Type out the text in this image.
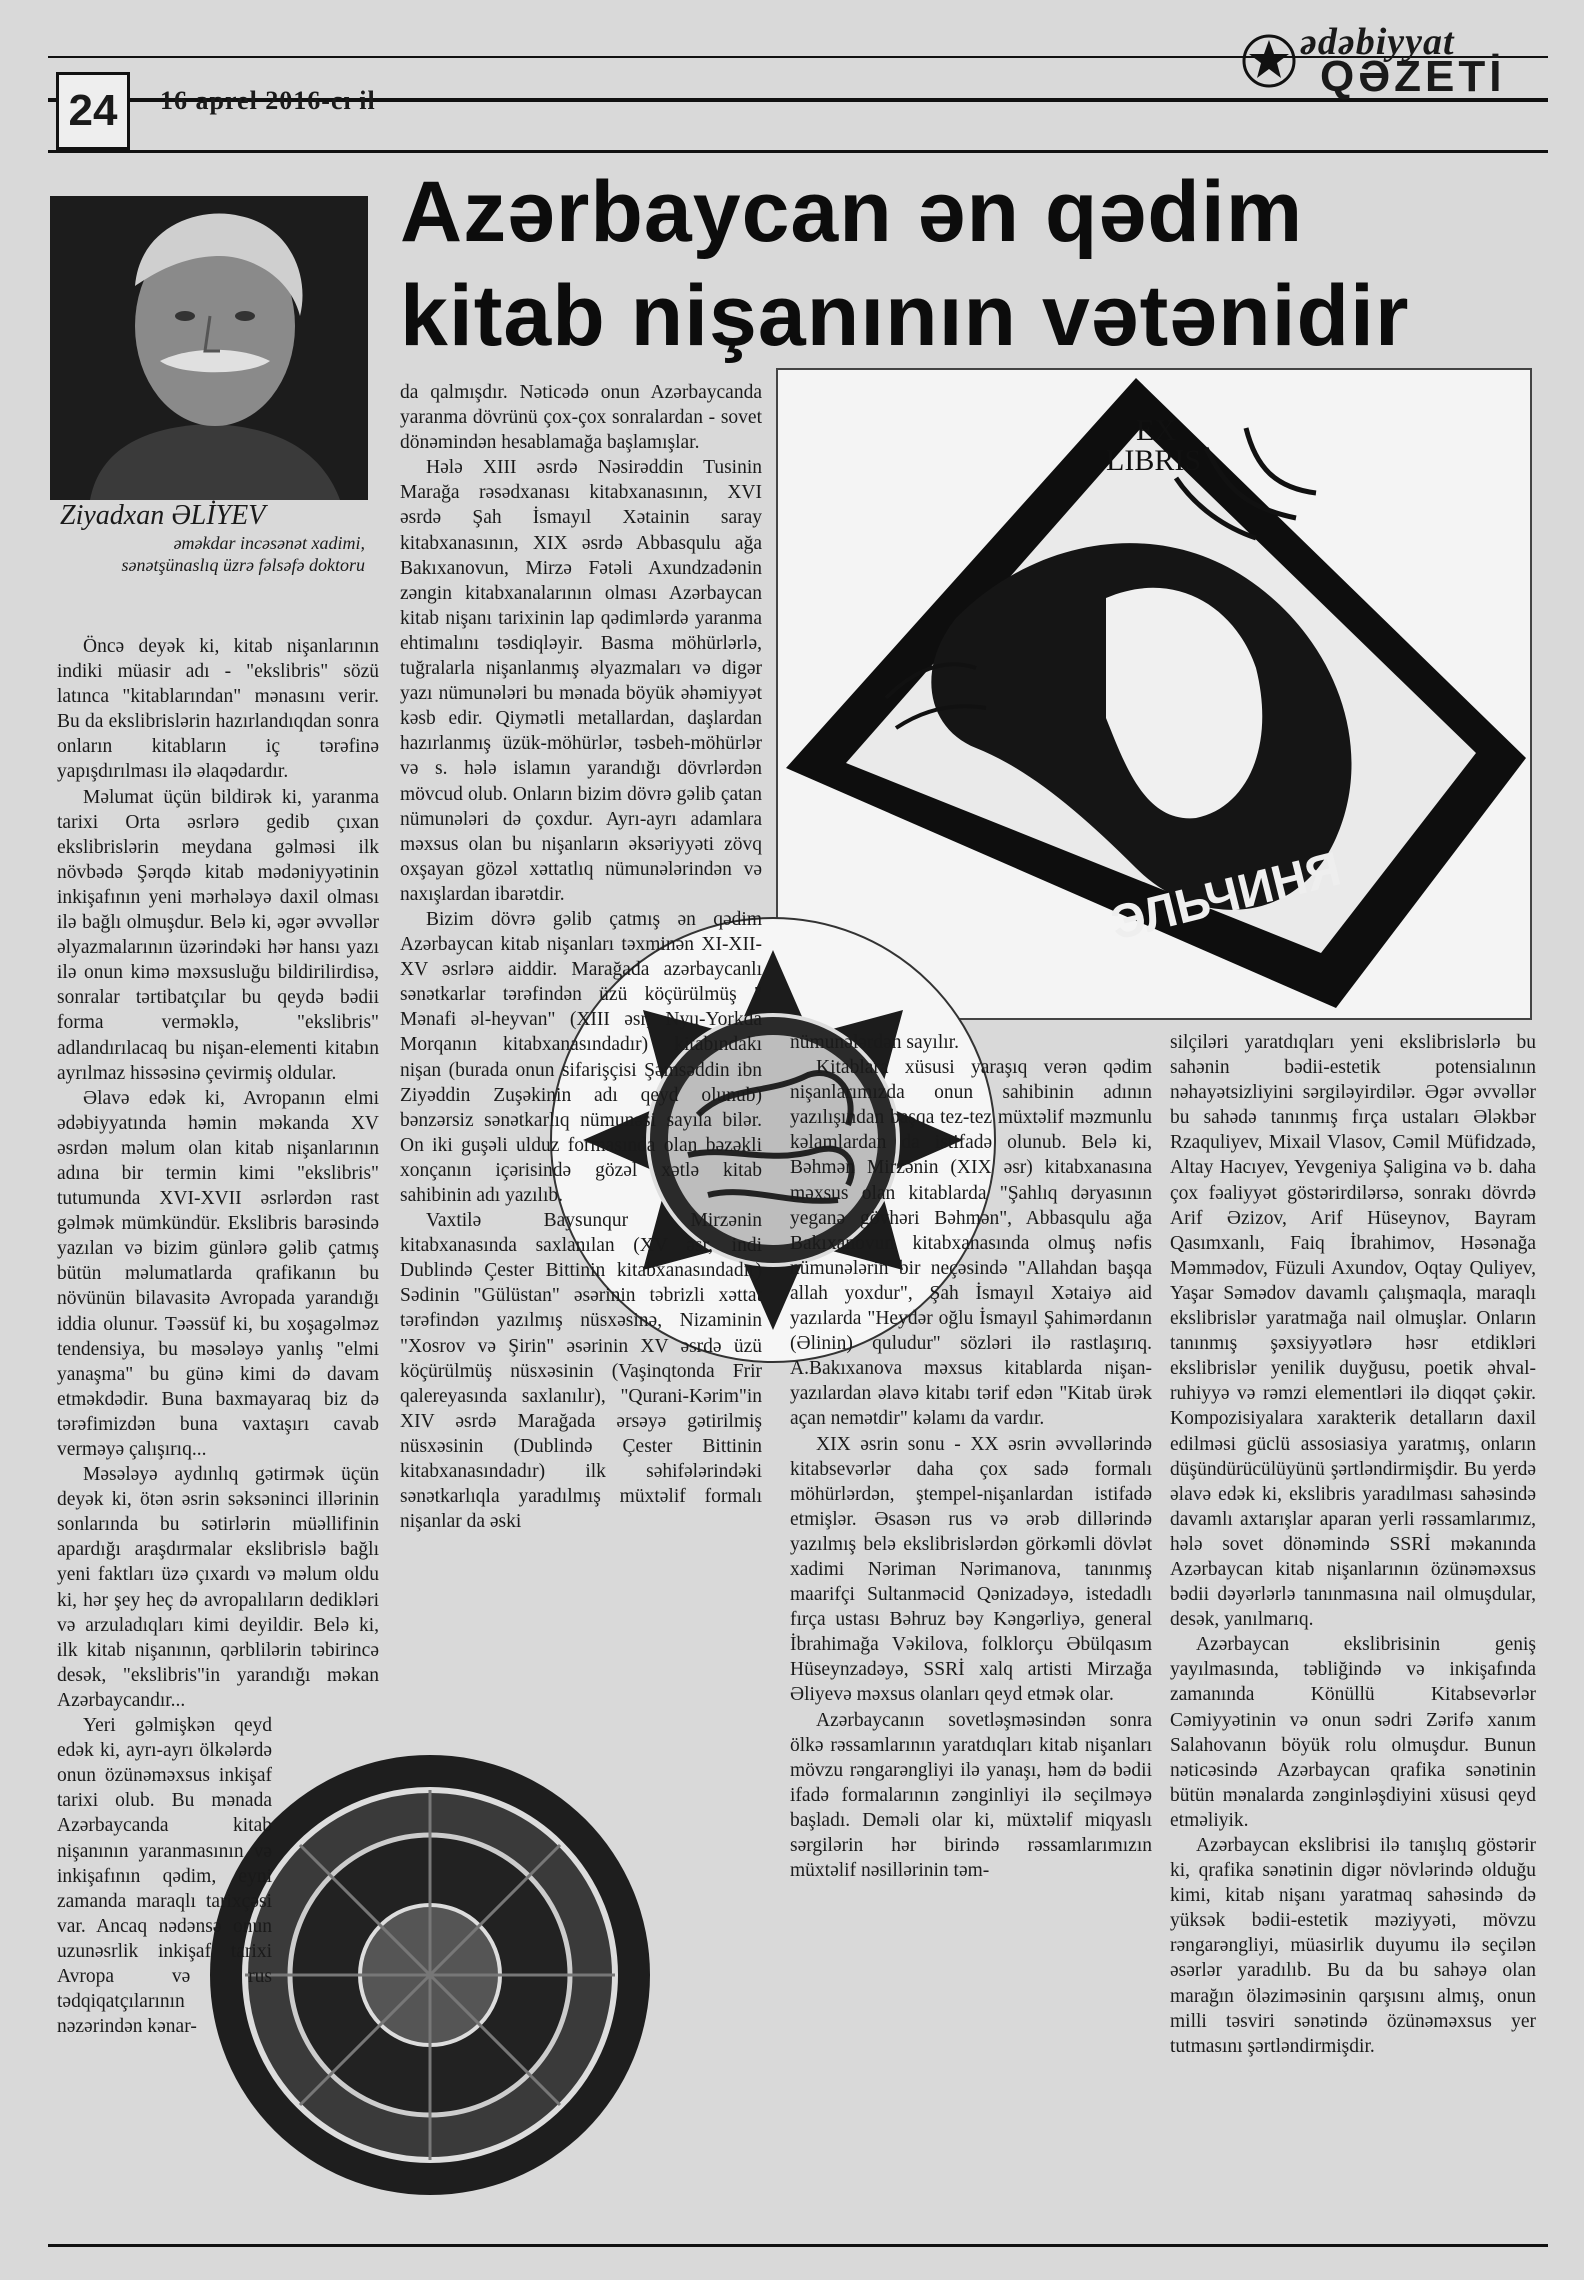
24	16 aprel 2016-cı il
ədəbiyyat
QƏZETİ
Azərbaycan ən qədim
kitab nişanının vətənidir
Ziyadxan ƏLİYEV
əməkdar incəsənət xadimi,
sənətşünaslıq üzrə fəlsəfə doktoru
EX
LIBRIS
ЭЛЬЧИНЯ

Öncə deyək ki, kitab nişanlarının indiki müasir adı - "ekslibris" sözü latınca "kitablarından" mənasını verir. Bu da ekslibrislərin hazırlandıqdan sonra onların kitabların iç tərəfinə yapışdırılması ilə əlaqədardır.

Məlumat üçün bildirək ki, yaranma tarixi Orta əsrlərə gedib çıxan ekslibrislərin meydana gəlməsi ilk növbədə Şərqdə kitab mədəniyyətinin inkişafının yeni mərhələyə daxil olması ilə bağlı olmuşdur. Belə ki, əgər əvvəllər əlyazmalarının üzərindəki hər hansı yazı ilə onun kimə məxsusluğu bildirilirdisə, sonralar tərtibatçılar bu qeydə bədii forma verməklə, "ekslibris" adlandırılacaq bu nişan-elementi kitabın ayrılmaz hissəsinə çevirmiş oldular.

Əlavə edək ki, Avropanın elmi ədəbiyyatında həmin məkanda XV əsrdən məlum olan kitab nişanlarının adına bir termin kimi "ekslibris" tutumunda XVI-XVII əsrlərdən rast gəlmək mümkündür. Ekslibris barəsində yazılan və bizim günlərə gəlib çatmış bütün məlumatlarda qrafikanın bu növünün bilavasitə Avropada yarandığı iddia olunur. Təəssüf ki, bu xoşagəlməz tendensiya, bu məsələyə yanlış "elmi yanaşma" bu günə kimi də davam etməkdədir. Buna baxmayaraq biz də tərəfimizdən buna vaxtaşırı cavab verməyə çalışırıq...

Məsələyə aydınlıq gətirmək üçün deyək ki, ötən əsrin səksəninci illərinin sonlarında bu sətirlərin müəllifinin apardığı araşdırmalar ekslibrislə bağlı yeni faktları üzə çıxardı və məlum oldu ki, hər şey heç də avropalıların dedikləri və arzuladıqları kimi deyildir. Belə ki, ilk kitab nişanının, qərblilərin təbirincə desək, "ekslibris"in yarandığı məkan Azərbaycandır...

Yeri gəlmişkən qeyd edək ki, ayrı-ayrı ölkələrdə onun özünəməxsus inkişaf tarixi olub. Bu mənada Azərbaycanda kitab nişanının yaranmasının və inkişafının qədim, eyni zamanda maraqlı tarixçəsi var. Ancaq nədənsə onun uzunəsrlik inkişaf tarixi Avropa və rus tədqiqatçılarının nəzərindən kənar-

da qalmışdır. Nəticədə onun Azərbaycanda yaranma dövrünü çox-çox sonralardan - sovet dönəmindən hesablamağa başlamışlar.

Hələ XIII əsrdə Nəsirəddin Tusinin Marağa rəsədxanası kitabxanasının, XVI əsrdə Şah İsmayıl Xətainin saray kitabxanasının, XIX əsrdə Abbasqulu ağa Bakıxanovun, Mirzə Fətəli Axundzadənin zəngin kitabxanalarının olması Azərbaycan kitab nişanı tarixinin lap qədimlərdə yaranma ehtimalını təsdiqləyir. Basma möhürlərlə, tuğralarla nişanlanmış əlyazmaları və digər yazı nümunələri bu mənada böyük əhəmiyyət kəsb edir. Qiymətli metallardan, daşlardan hazırlanmış üzük-möhürlər, təsbeh-möhürlər və s. hələ islamın yarandığı dövrlərdən mövcud olub. Onların bizim dövrə gəlib çatan nümunələri də çoxdur. Ayrı-ayrı adamlara məxsus olan bu nişanların əksəriyyəti zövq oxşayan gözəl xəttatlıq nümunələrindən və naxışlardan ibarətdir.

Bizim dövrə gəlib çatmış ən qədim Azərbaycan kitab nişanları təxminən XI-XII-XV əsrlərə aiddir. Marağada azərbaycanlı sənətkarlar tərəfindən üzü köçürülmüş " Mənafi əl-heyvan" (XIII əsr, Nyu-Yorkda Morqanın kitabxanasındadır) kitabındakı nişan (burada onun sifarişçisi Şəmsəddin ibn Ziyəddin Zuşəkinin adı qeyd olunub) bənzərsiz sənətkarlıq nümunəsi sayıla bilər. On iki guşəli ulduz formasında olan bəzəkli xonçanın içərisində gözəl xətlə kitab sahibinin adı yazılıb.

Vaxtilə Baysunqur Mirzənin kitabxanasında saxlanılan (XV əsr, indi Dublində Çester Bittinin kitabxanasındadır) Sədinin "Gülüstan" əsərinin təbrizli xəttat tərəfindən yazılmış nüsxəsinə, Nizaminin "Xosrov və Şirin" əsərinin XV əsrdə üzü köçürülmüş nüsxəsinin (Vaşinqtonda Frir qalereyasında saxlanılır), "Qurani-Kərim"in XIV əsrdə Marağada ərsəyə gətirilmiş nüsxəsinin (Dublində Çester Bittinin kitabxanasındadır) ilk səhifələrindəki sənətkarlıqla yaradılmış müxtəlif formalı nişanlar da əski

nümunələrdən sayılır.

Kitablara xüsusi yaraşıq verən qədim nişanlarımızda onun sahibinin adının yazılışından başqa tez-tez müxtəlif məzmunlu kəlamlardan da istifadə olunub. Belə ki, Bəhmən Mirzənin (XIX əsr) kitabxanasına məxsus olan kitablarda "Şahlıq dəryasının yeganə gövhəri Bəhmən", Abbasqulu ağa Bakıxanovun kitabxanasında olmuş nəfis nümunələrin bir neçəsində "Allahdan başqa allah yoxdur", Şah İsmayıl Xətaiyə aid yazılarda "Heydər oğlu İsmayıl Şahimərdanın (Əlinin) quludur" sözləri ilə rastlaşırıq. A.Bakıxanova məxsus kitablarda nişan-yazılardan əlavə kitabı tərif edən "Kitab ürək açan nemətdir" kəlamı da vardır.

XIX əsrin sonu - XX əsrin əvvəllərində kitabsevərlər daha çox sadə formalı möhürlərdən, ştempel-nişanlardan istifadə etmişlər. Əsasən rus və ərəb dillərində yazılmış belə ekslibrislərdən görkəmli dövlət xadimi Nəriman Nərimanova, tanınmış maarifçi Sultanməcid Qənizadəyə, istedadlı fırça ustası Bəhruz bəy Kəngərliyə, general İbrahimağa Vəkilova, folklorçu Əbülqasım Hüseynzadəyə, SSRİ xalq artisti Mirzağa Əliyevə məxsus olanları qeyd etmək olar.

Azərbaycanın sovetləşməsindən sonra ölkə rəssamlarının yaratdıqları kitab nişanları mövzu rəngarəngliyi ilə yanaşı, həm də bədii ifadə formalarının zənginliyi ilə seçilməyə başladı. Deməli olar ki, müxtəlif miqyaslı sərgilərin hər birində rəssamlarımızın müxtəlif nəsillərinin təm-

silçiləri yaratdıqları yeni ekslibrislərlə bu sahənin bədii-estetik potensialının nəhayətsizliyini sərgiləyirdilər. Əgər əvvəllər bu sahədə tanınmış fırça ustaları Ələkbər Rzaquliyev, Mixail Vlasov, Cəmil Müfidzadə, Altay Hacıyev, Yevgeniya Şaligina və b. daha çox fəaliyyət göstərirdilərsə, sonrakı dövrdə Arif Əzizov, Arif Hüseynov, Bayram Qasımxanlı, Faiq İbrahimov, Həsənağa Məmmədov, Füzuli Axundov, Oqtay Quliyev, Yaşar Səmədov davamlı çalışmaqla, maraqlı ekslibrislər yaratmağa nail olmuşlar. Onların tanınmış şəxsiyyətlərə həsr etdikləri ekslibrislər yenilik duyğusu, poetik əhval-ruhiyyə və rəmzi elementləri ilə diqqət çəkir. Kompozisiyalara xarakterik detalların daxil edilməsi güclü assosiasiya yaratmış, onların düşündürücülüyünü şərtləndirmişdir. Bu yerdə əlavə edək ki, ekslibris yaradılması sahəsində davamlı axtarışlar aparan yerli rəssamlarımız, hələ sovet dönəmində SSRİ məkanında Azərbaycan kitab nişanlarının özünəməxsus bədii dəyərlərlə tanınmasına nail olmuşdular, desək, yanılmarıq.

Azərbaycan ekslibrisinin geniş yayılmasında, təbliğində və inkişafında zamanında Könüllü Kitabsevərlər Cəmiyyətinin və onun sədri Zərifə xanım Salahovanın böyük rolu olmuşdur. Bunun nəticəsində Azərbaycan qrafika sənətinin bütün mənalarda zənginləşdiyini xüsusi qeyd etməliyik.

Azərbaycan ekslibrisi ilə tanışlıq göstərir ki, qrafika sənətinin digər növlərində olduğu kimi, kitab nişanı yaratmaq sahəsində də yüksək bədii-estetik məziyyəti, mövzu rəngarəngliyi, müasirlik duyumu ilə seçilən əsərlər yaradılıb. Bu da bu sahəyə olan marağın öləziməsinin qarşısını almış, onun milli təsviri sənətində özünəməxsus yer tutmasını şərtləndirmişdir.
